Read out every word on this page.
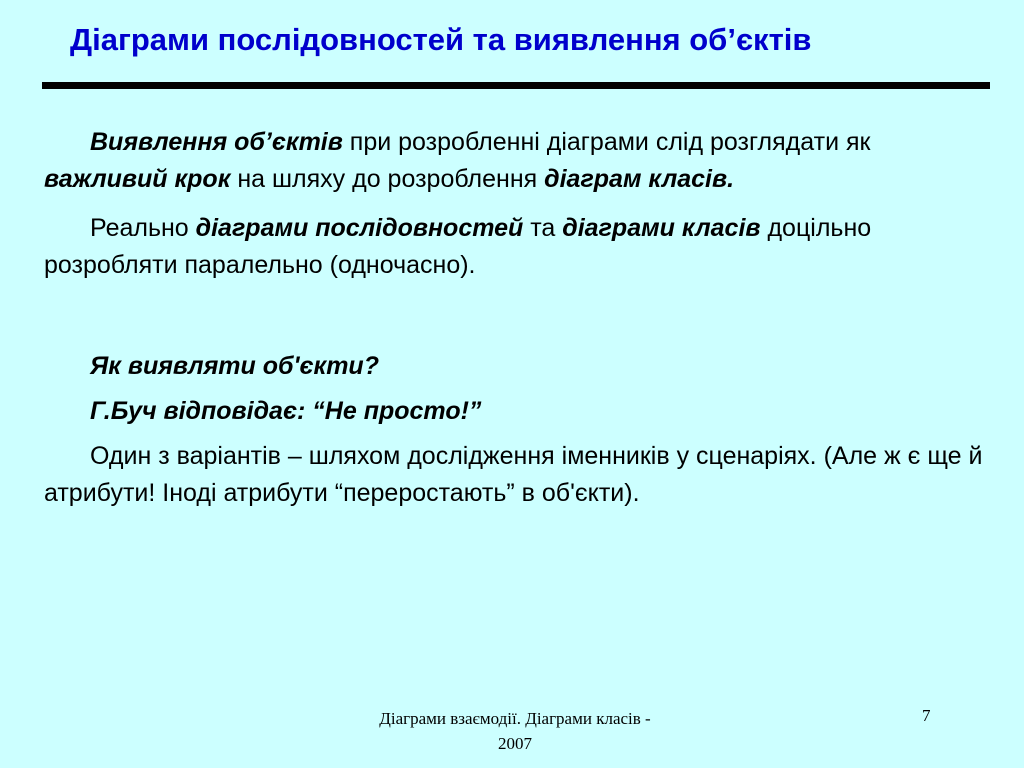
Діаграми послідовностей та виявлення об’єктів

Виявлення об’єктів при розробленні діаграми слід розглядати як важливий крок на шляху до розроблення діаграм класів.

Реально діаграми послідовностей та діаграми класів доцільно розробляти паралельно (одночасно).

Як виявляти об'єкти?

Г.Буч відповідає: “Не просто!”

Один з варіантів – шляхом дослідження іменників у сценаріях. (Але ж є ще й атрибути! Іноді атрибути “переростають” в об'єкти).

Діаграми взаємодії. Діаграми класів - 2007
7
